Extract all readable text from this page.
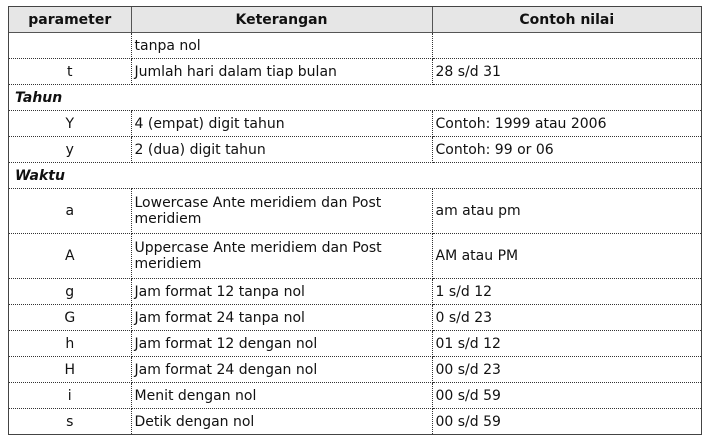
parameter	Keterangan	Contoh nilai
	tanpa nol	
t	Jumlah hari dalam tiap bulan	28 s/d 31
Tahun		
Y	4 (empat) digit tahun	Contoh: 1999 atau 2006
y	2 (dua) digit tahun	Contoh: 99 or 06
Waktu		
a	Lowercase Ante meridiem dan Post meridiem	am atau pm
A	Uppercase Ante meridiem dan Post meridiem	AM atau PM
g	Jam format 12 tanpa nol	1 s/d 12
G	Jam format 24 tanpa nol	0 s/d 23
h	Jam format 12 dengan nol	01 s/d 12
H	Jam format 24 dengan nol	00 s/d 23
i	Menit dengan nol	00 s/d 59
s	Detik dengan nol	00 s/d 59
